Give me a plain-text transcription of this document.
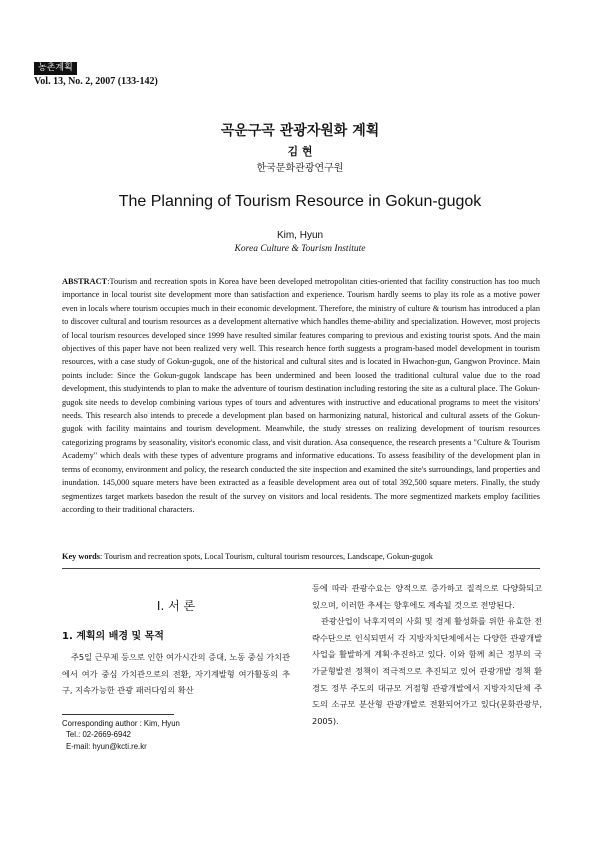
농촌계획
Vol. 13, No. 2, 2007 (133-142)
곡운구곡 관광자원화 계획
김 현
한국문화관광연구원
The Planning of Tourism Resource in Gokun-gugok
Kim, Hyun
Korea Culture & Tourism Institute
ABSTRACT:Tourism and recreation spots in Korea have been developed metropolitan cities-oriented that facility construction has too much importance in local tourist site development more than satisfaction and experience. Tourism hardly seems to play its role as a motive power even in locals where tourism occupies much in their economic development. Therefore, the ministry of culture & tourism has introduced a plan to discover cultural and tourism resources as a development alternative which handles theme-ability and specialization. However, most projects of local tourism resources developed since 1999 have resulted similar features comparing to previous and existing tourist spots. And the main objectives of this paper have not been realized very well. This research hence forth suggests a program-based model development in tourism resources, with a case study of Gokun-gugok, one of the historical and cultural sites and is located in Hwachon-gun, Gangwon Province. Main points include: Since the Gokun-gugok landscape has been undermined and been loosed the traditional cultural value due to the road development, this studyintends to plan to make the adventure of tourism destination including restoring the site as a cultural place. The Gokun-gugok site needs to develop combining various types of tours and adventures with instructive and educational programs to meet the visitors' needs. This research also intends to precede a development plan based on harmonizing natural, historical and cultural assets of the Gokun-gugok with facility maintains and tourism development. Meanwhile, the study stresses on realizing development of tourism resources categorizing programs by seasonality, visitor's economic class, and visit duration. Asa consequence, the research presents a "Culture & Tourism Academy" which deals with these types of adventure programs and informative educations. To assess feasibility of the development plan in terms of economy, environment and policy, the research conducted the site inspection and examined the site's surroundings, land properties and inundation. 145,000 square meters have been extracted as a feasible development area out of total 392,500 square meters. Finally, the study segmentizes target markets basedon the result of the survey on visitors and local residents. The more segmentized markets employ facilities according to their traditional characters.
Key words: Tourism and recreation spots, Local Tourism, cultural tourism resources, Landscape, Gokun-gugok
Ⅰ. 서 론
1. 계획의 배경 및 목적

주5일 근무제 등으로 인한 여가시간의 증대, 노동 중심 가치관에서 여가 중심 가치관으로의 전환, 자기계발형 여가활동의 추구, 지속가능한 관광 패러다임의 확산

Corresponding author : Kim, Hyun
Tel.: 02-2669-6942
E-mail: hyun@kcti.re.kr

등에 따라 관광수요는 양적으로 증가하고 질적으로 다양화되고 있으며, 이러한 추세는 향후에도 계속될 것으로 전망된다.

관광산업이 낙후지역의 사회 및 경제 활성화를 위한 유효한 전략수단으로 인식되면서 각 지방자치단체에서는 다양한 관광개발 사업을 활발하게 계획·추진하고 있다. 이와 함께 최근 정부의 국가균형발전 정책이 적극적으로 추진되고 있어 관광개발 정책 환경도 정부 주도의 대규모 거점형 관광개발에서 지방자치단체 주도의 소규모 분산형 관광개발로 전환되어가고 있다(문화관광부, 2005).
